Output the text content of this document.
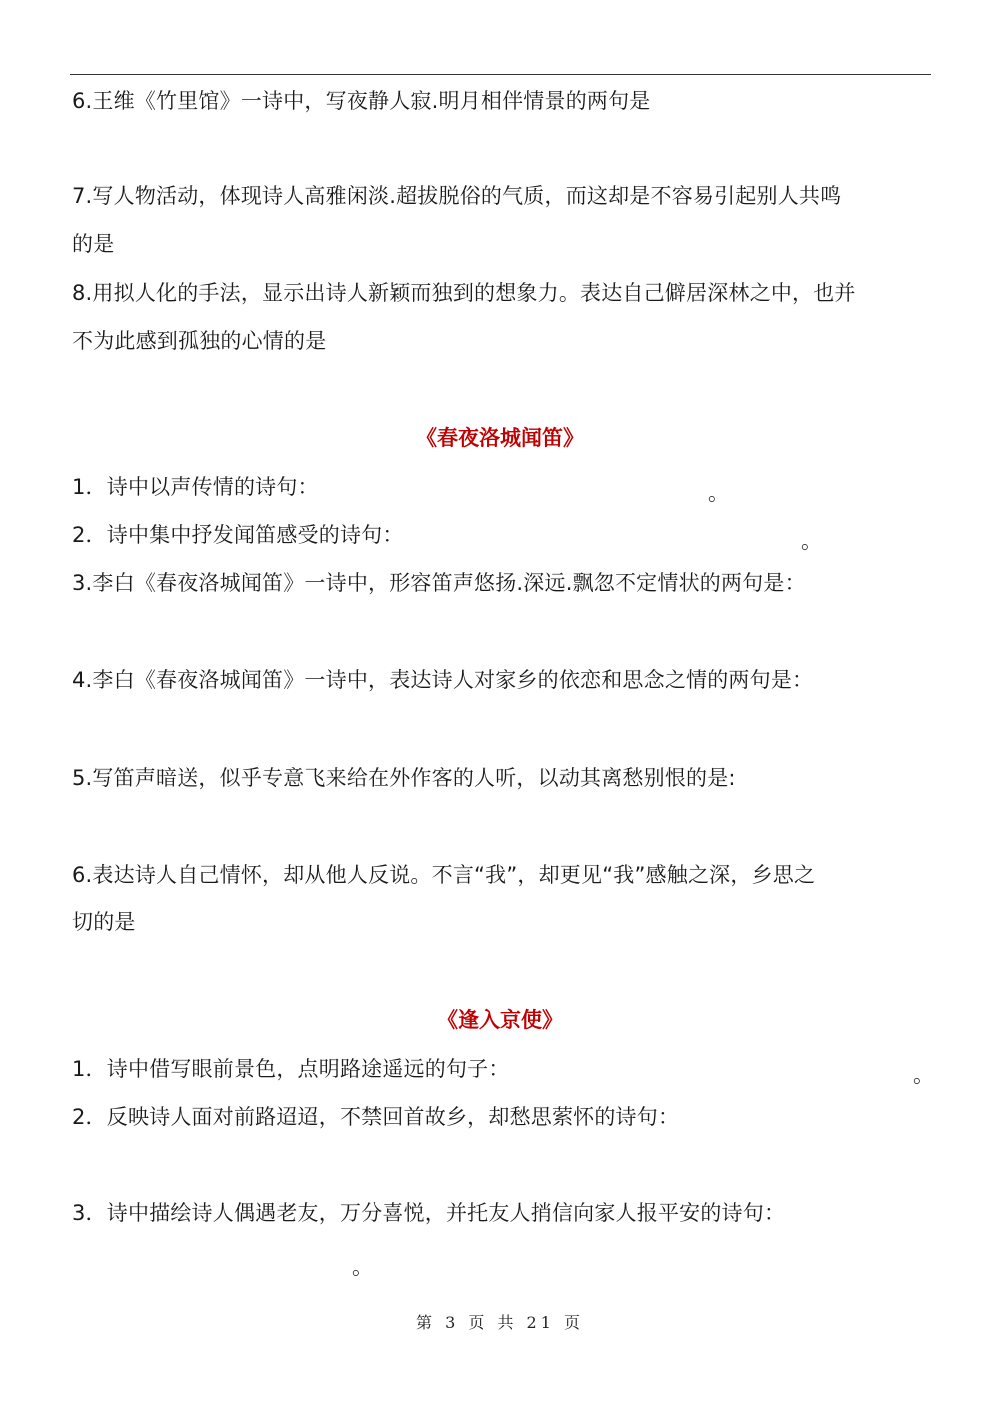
6.王维《竹里馆》一诗中，写夜静人寂.明月相伴情景的两句是
7.写人物活动，体现诗人高雅闲淡.超拔脱俗的气质，而这却是不容易引起别人共鸣
的是
8.用拟人化的手法，显示出诗人新颖而独到的想象力。表达自己僻居深林之中，也并
不为此感到孤独的心情的是
《春夜洛城闻笛》
1．诗中以声传情的诗句：	。
2．诗中集中抒发闻笛感受的诗句：	。
3.李白《春夜洛城闻笛》一诗中，形容笛声悠扬.深远.飘忽不定情状的两句是：
4.李白《春夜洛城闻笛》一诗中，表达诗人对家乡的依恋和思念之情的两句是：
5.写笛声暗送，似乎专意飞来给在外作客的人听，以动其离愁别恨的是:
6.表达诗人自己情怀，却从他人反说。不言“我”，却更见“我”感触之深，乡思之
切的是
《逢入京使》
1．诗中借写眼前景色，点明路途遥远的句子：	。
2．反映诗人面对前路迢迢，不禁回首故乡，却愁思萦怀的诗句：
3．诗中描绘诗人偶遇老友，万分喜悦，并托友人捎信向家人报平安的诗句：
。
第 3 页 共 21 页
